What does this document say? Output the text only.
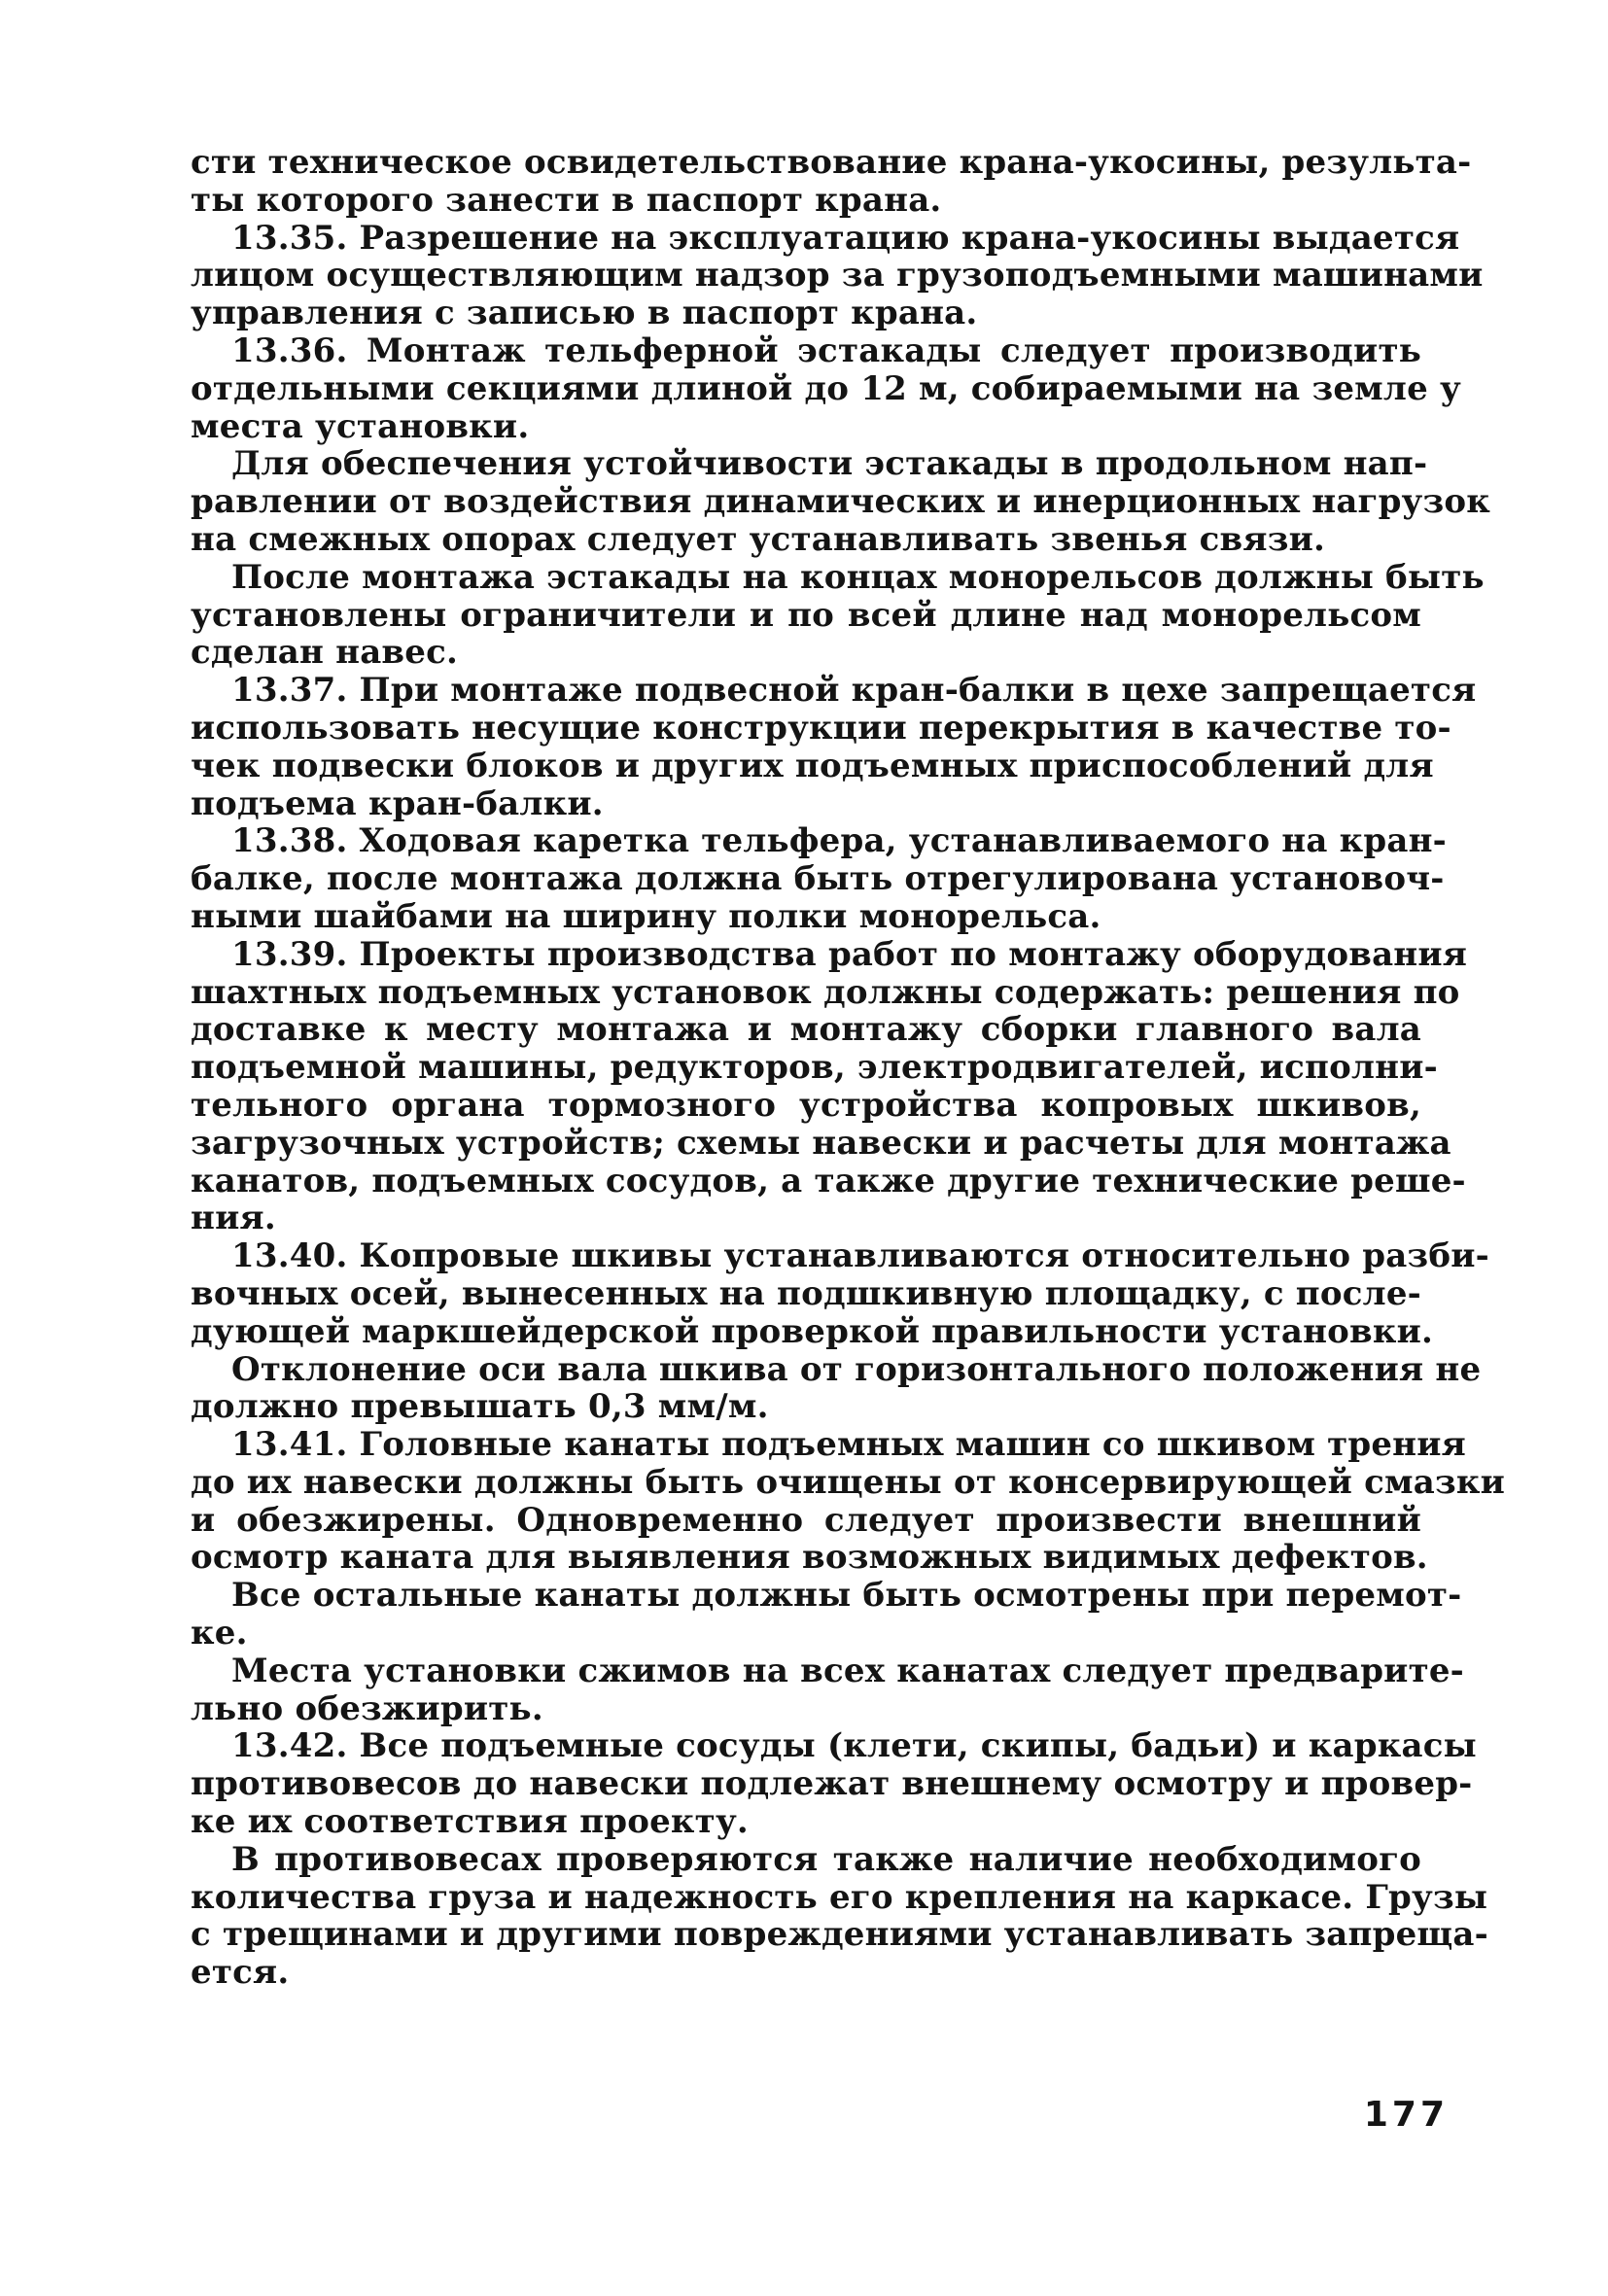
сти техническое освидетельствование крана-укосины, результа-
ты которого занести в паспорт крана.
13.35. Разрешение на эксплуатацию крана-укосины выдается
лицом осуществляющим надзор за грузоподъемными машинами
управления с записью в паспорт крана.
13.36. Монтаж тельферной эстакады следует производить
отдельными секциями длиной до 12 м, собираемыми на земле у
места установки.
Для обеспечения устойчивости эстакады в продольном нап-
равлении от воздействия динамических и инерционных нагрузок
на смежных опорах следует устанавливать звенья связи.
После монтажа эстакады на концах монорельсов должны быть
установлены ограничители и по всей длине над монорельсом
сделан навес.
13.37. При монтаже подвесной кран-балки в цехе запрещается
использовать несущие конструкции перекрытия в качестве то-
чек подвески блоков и других подъемных приспособлений для
подъема кран-балки.
13.38. Ходовая каретка тельфера, устанавливаемого на кран-
балке, после монтажа должна быть отрегулирована установоч-
ными шайбами на ширину полки монорельса.
13.39. Проекты производства работ по монтажу оборудования
шахтных подъемных установок должны содержать: решения по
доставке к месту монтажа и монтажу сборки главного вала
подъемной машины, редукторов, электродвигателей, исполни-
тельного органа тормозного устройства копровых шкивов,
загрузочных устройств; схемы навески и расчеты для монтажа
канатов, подъемных сосудов, а также другие технические реше-
ния.
13.40. Копровые шкивы устанавливаются относительно разби-
вочных осей, вынесенных на подшкивную площадку, с после-
дующей маркшейдерской проверкой правильности установки.
Отклонение оси вала шкива от горизонтального положения не
должно превышать 0,3 мм/м.
13.41. Головные канаты подъемных машин со шкивом трения
до их навески должны быть очищены от консервирующей смазки
и обезжирены. Одновременно следует произвести внешний
осмотр каната для выявления возможных видимых дефектов.
Все остальные канаты должны быть осмотрены при перемот-
ке.
Места установки сжимов на всех канатах следует предварите-
льно обезжирить.
13.42. Все подъемные сосуды (клети, скипы, бадьи) и каркасы
противовесов до навески подлежат внешнему осмотру и провер-
ке их соответствия проекту.
В противовесах проверяются также наличие необходимого
количества груза и надежность его крепления на каркасе. Грузы
с трещинами и другими повреждениями устанавливать запреща-
ется.
177
